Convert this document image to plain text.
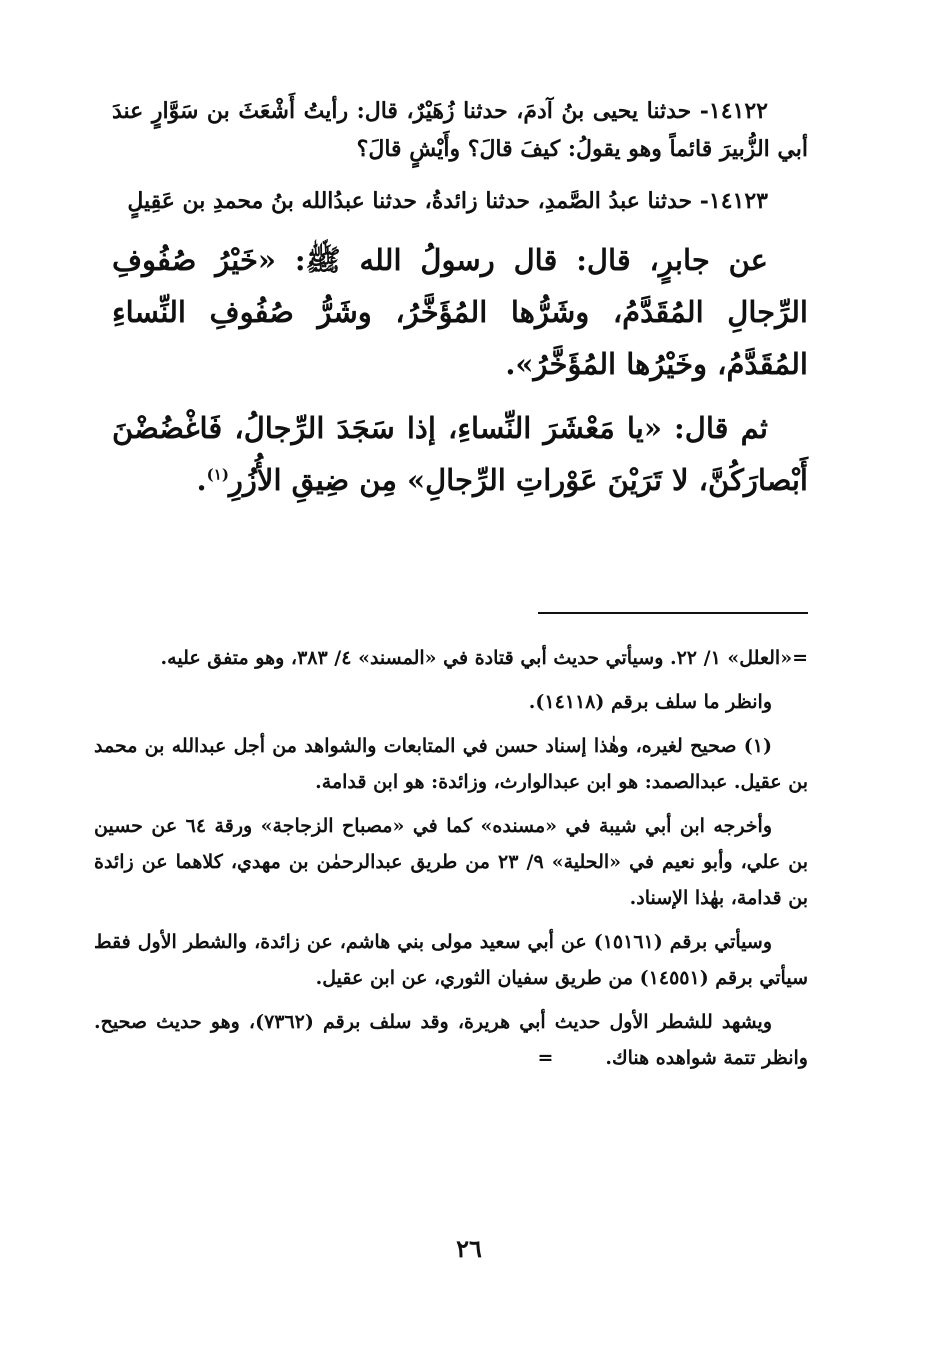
١٤١٢٢- حدثنا يحيى بنُ آدمَ، حدثنا زُهَيْرٌ، قال: رأيتُ أَشْعَثَ بن سَوَّارٍ عندَ أبي الزُّبيرَ قائماً وهو يقولُ: كيفَ قالَ؟ وأَيْشٍ قالَ؟

١٤١٢٣- حدثنا عبدُ الصَّمدِ، حدثنا زائدةُ، حدثنا عبدُالله بنُ محمدِ بن عَقِيلٍ

عن جابرٍ، قال: قال رسولُ الله ﷺ: «خَيْرُ صُفُوفِ الرِّجالِ المُقَدَّمُ، وشَرُّها المُؤَخَّرُ، وشَرُّ صُفُوفِ النِّساءِ المُقَدَّمُ، وخَيْرُها المُؤَخَّرُ».

ثم قال: «يا مَعْشَرَ النِّساءِ، إذا سَجَدَ الرِّجالُ، فَاغْضُضْنَ أَبْصارَكُنَّ، لا تَرَيْنَ عَوْراتِ الرِّجالِ» مِن ضِيقِ الأُزُرِ$^{(١)}$.

=«العلل» ١/ ٢٢. وسيأتي حديث أبي قتادة في «المسند» ٤/ ٣٨٣، وهو متفق عليه.

وانظر ما سلف برقم (١٤١١٨).

(١) صحيح لغيره، وهٰذا إسناد حسن في المتابعات والشواهد من أجل عبدالله بن محمد بن عقيل. عبدالصمد: هو ابن عبدالوارث، وزائدة: هو ابن قدامة.

وأخرجه ابن أبي شيبة في «مسنده» كما في «مصباح الزجاجة» ورقة ٦٤ عن حسين بن علي، وأبو نعيم في «الحلية» ٩/ ٢٣ من طريق عبدالرحمٰن بن مهدي، كلاهما عن زائدة بن قدامة، بهٰذا الإسناد.

وسيأتي برقم (١٥١٦١) عن أبي سعيد مولى بني هاشم، عن زائدة، والشطر الأول فقط سيأتي برقم (١٤٥٥١) من طريق سفيان الثوري، عن ابن عقيل.

ويشهد للشطر الأول حديث أبي هريرة، وقد سلف برقم (٧٣٦٢)، وهو حديث صحيح. وانظر تتمة شواهده هناك.=

٢٦
